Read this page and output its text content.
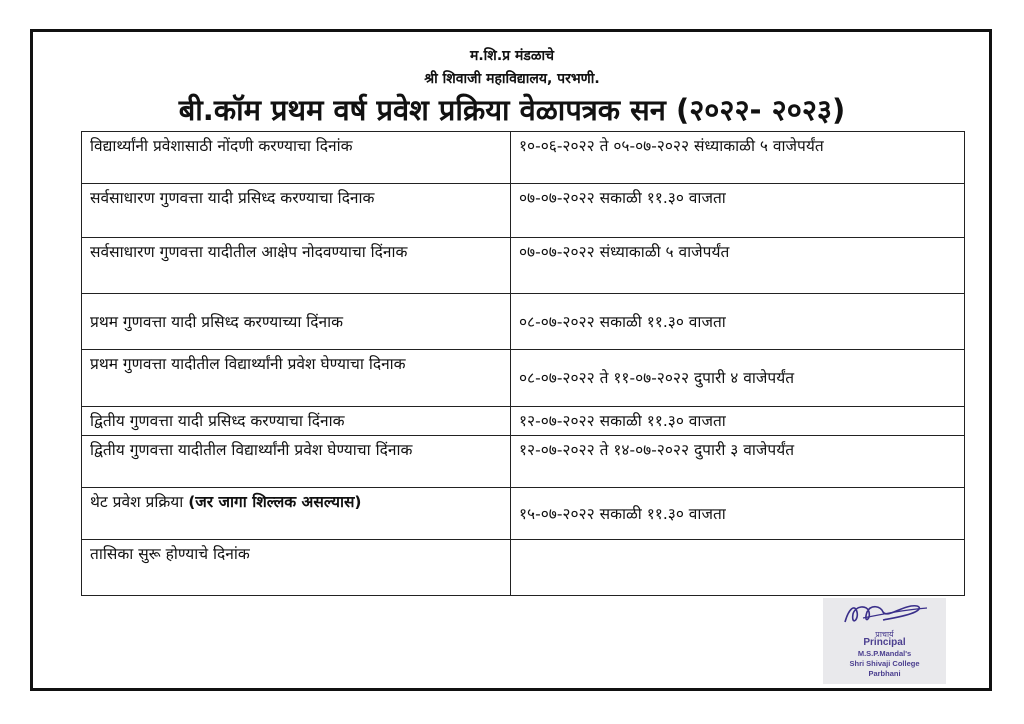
म.शि.प्र मंडळाचे
श्री शिवाजी महाविद्यालय, परभणी.
बी.कॉम प्रथम वर्ष प्रवेश प्रक्रिया वेळापत्रक सन (२०२२- २०२३)
विद्यार्थ्यांनी प्रवेशासाठी नोंदणी करण्याचा दिनांक	१०-०६-२०२२ ते ०५-०७-२०२२ संध्याकाळी ५ वाजेपर्यंत
सर्वसाधारण गुणवत्ता यादी प्रसिध्द करण्याचा दिनाक	०७-०७-२०२२ सकाळी ११.३० वाजता
सर्वसाधारण गुणवत्ता यादीतील आक्षेप नोदवण्याचा दिंनाक	०७-०७-२०२२ संध्याकाळी ५ वाजेपर्यंत
प्रथम गुणवत्ता यादी प्रसिध्द करण्याच्या दिंनाक	०८-०७-२०२२ सकाळी ११.३० वाजता
प्रथम गुणवत्ता यादीतील विद्यार्थ्यांनी प्रवेश घेण्याचा दिनाक	०८-०७-२०२२ ते ११-०७-२०२२ दुपारी ४ वाजेपर्यंत
द्वितीय गुणवत्ता यादी प्रसिध्द करण्याचा दिंनाक	१२-०७-२०२२ सकाळी ११.३० वाजता
द्वितीय गुणवत्ता यादीतील विद्यार्थ्यांनी प्रवेश घेण्याचा दिंनाक	१२-०७-२०२२ ते १४-०७-२०२२ दुपारी ३ वाजेपर्यंत
थेट प्रवेश प्रक्रिया (जर जागा शिल्लक असल्यास)	१५-०७-२०२२ सकाळी ११.३० वाजता
तासिका सुरू होण्याचे दिनांक	
प्राचार्य
Principal
M.S.P.Mandal's
Shri Shivaji College
Parbhani
